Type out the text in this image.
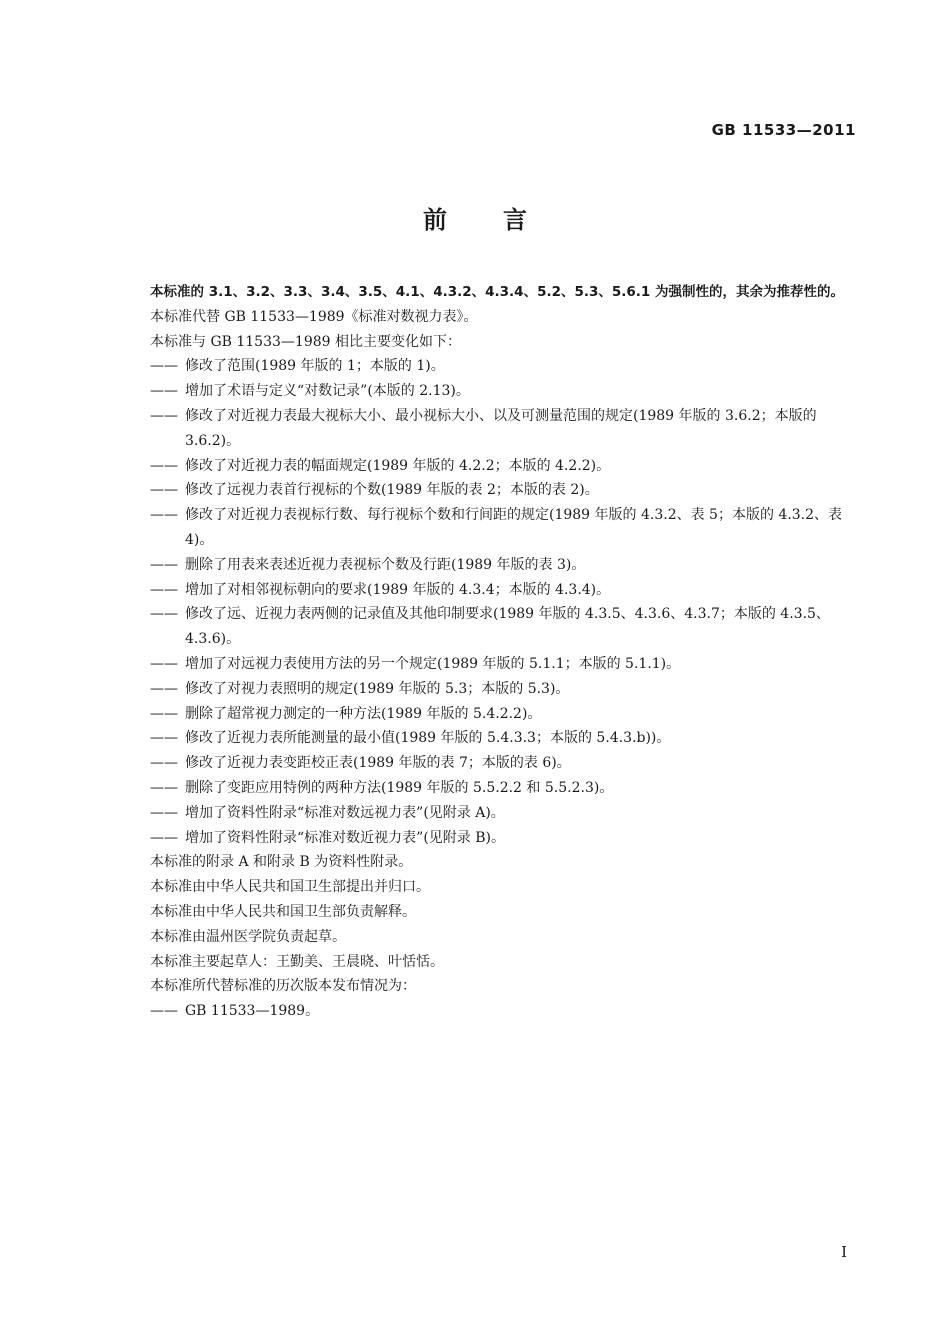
GB 11533—2011
前言
本标准的 3.1、3.2、3.3、3.4、3.5、4.1、4.3.2、4.3.4、5.2、5.3、5.6.1 为强制性的，其余为推荐性的。
本标准代替 GB 11533—1989《标准对数视力表》。
本标准与 GB 11533—1989 相比主要变化如下：
—— 修改了范围(1989 年版的 1；本版的 1)。
—— 增加了术语与定义“对数记录”(本版的 2.13)。
—— 修改了对近视力表最大视标大小、最小视标大小、以及可测量范围的规定(1989 年版的 3.6.2；本版的 3.6.2)。
—— 修改了对近视力表的幅面规定(1989 年版的 4.2.2；本版的 4.2.2)。
—— 修改了远视力表首行视标的个数(1989 年版的表 2；本版的表 2)。
—— 修改了对近视力表视标行数、每行视标个数和行间距的规定(1989 年版的 4.3.2、表 5；本版的 4.3.2、表 4)。
—— 删除了用表来表述近视力表视标个数及行距(1989 年版的表 3)。
—— 增加了对相邻视标朝向的要求(1989 年版的 4.3.4；本版的 4.3.4)。
—— 修改了远、近视力表两侧的记录值及其他印制要求(1989 年版的 4.3.5、4.3.6、4.3.7；本版的 4.3.5、4.3.6)。
—— 增加了对远视力表使用方法的另一个规定(1989 年版的 5.1.1；本版的 5.1.1)。
—— 修改了对视力表照明的规定(1989 年版的 5.3；本版的 5.3)。
—— 删除了超常视力测定的一种方法(1989 年版的 5.4.2.2)。
—— 修改了近视力表所能测量的最小值(1989 年版的 5.4.3.3；本版的 5.4.3.b))。
—— 修改了近视力表变距校正表(1989 年版的表 7；本版的表 6)。
—— 删除了变距应用特例的两种方法(1989 年版的 5.5.2.2 和 5.5.2.3)。
—— 增加了资料性附录“标准对数远视力表”(见附录 A)。
—— 增加了资料性附录“标准对数近视力表”(见附录 B)。
本标准的附录 A 和附录 B 为资料性附录。
本标准由中华人民共和国卫生部提出并归口。
本标准由中华人民共和国卫生部负责解释。
本标准由温州医学院负责起草。
本标准主要起草人：王勤美、王晨晓、叶恬恬。
本标准所代替标准的历次版本发布情况为：
—— GB 11533—1989。
I
